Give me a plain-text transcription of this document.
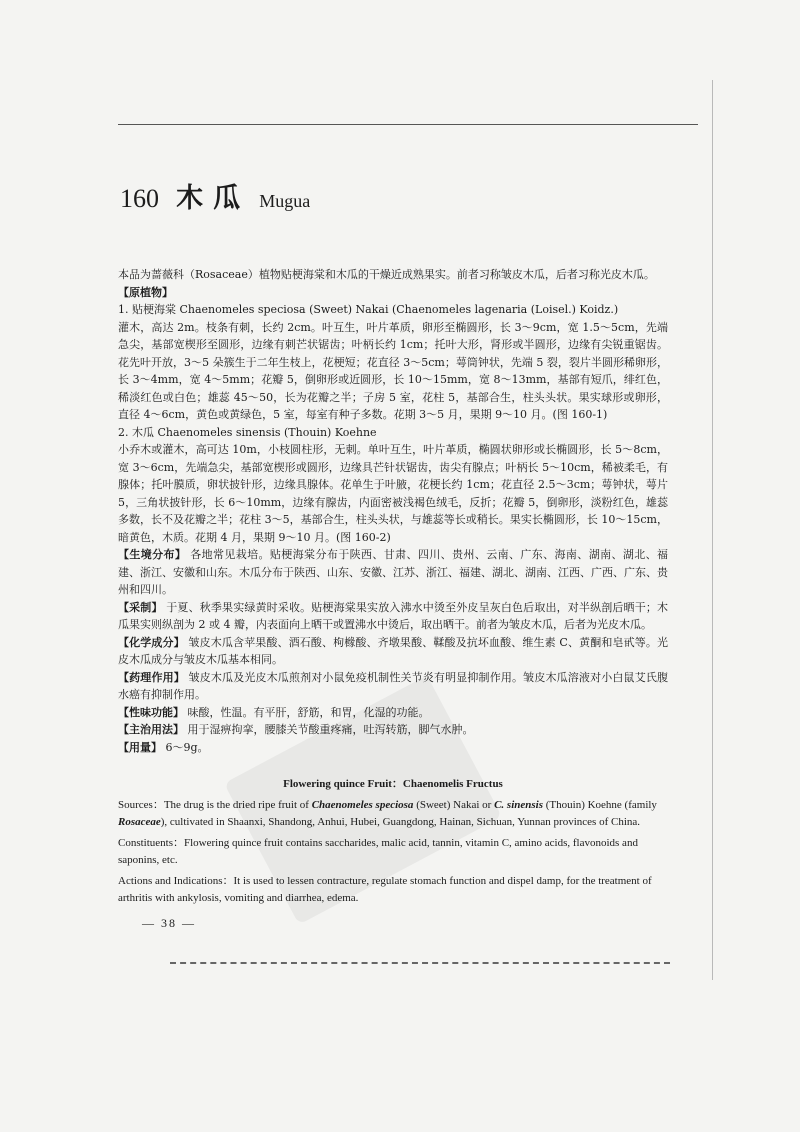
160 木瓜 Mugua

本品为蔷薇科（Rosaceae）植物贴梗海棠和木瓜的干燥近成熟果实。前者习称皱皮木瓜，后者习称光皮木瓜。

【原植物】

1. 贴梗海棠 Chaenomeles speciosa (Sweet) Nakai (Chaenomeles lagenaria (Loisel.) Koidz.)

灌木，高达 2m。枝条有刺，长约 2cm。叶互生，叶片革质，卵形至椭圆形，长 3～9cm，宽 1.5～5cm，先端急尖，基部宽楔形至圆形，边缘有刺芒状锯齿；叶柄长约 1cm；托叶大形，肾形或半圆形，边缘有尖锐重锯齿。花先叶开放，3～5 朵簇生于二年生枝上，花梗短；花直径 3～5cm；萼筒钟状，先端 5 裂，裂片半圆形稀卵形，长 3～4mm，宽 4～5mm；花瓣 5，倒卵形或近圆形，长 10～15mm，宽 8～13mm，基部有短爪，绯红色，稀淡红色或白色；雄蕊 45～50，长为花瓣之半；子房 5 室，花柱 5，基部合生，柱头头状。果实球形或卵形，直径 4～6cm，黄色或黄绿色，5 室，每室有种子多数。花期 3～5 月，果期 9～10 月。(图 160-1)

2. 木瓜 Chaenomeles sinensis (Thouin) Koehne

小乔木或灌木，高可达 10m，小枝圆柱形，无刺。单叶互生，叶片革质，椭圆状卵形或长椭圆形，长 5～8cm，宽 3～6cm，先端急尖，基部宽楔形或圆形，边缘具芒针状锯齿，齿尖有腺点；叶柄长 5～10cm，稀被柔毛，有腺体；托叶膜质，卵状披针形，边缘具腺体。花单生于叶腋，花梗长约 1cm；花直径 2.5～3cm；萼钟状，萼片 5，三角状披针形，长 6～10mm，边缘有腺齿，内面密被浅褐色绒毛，反折；花瓣 5，倒卵形，淡粉红色，雄蕊多数，长不及花瓣之半；花柱 3～5，基部合生，柱头头状，与雄蕊等长或稍长。果实长椭圆形，长 10～15cm，暗黄色，木质。花期 4 月，果期 9～10 月。(图 160-2)

【生境分布】 各地常见栽培。贴梗海棠分布于陕西、甘肃、四川、贵州、云南、广东、海南、湖南、湖北、福建、浙江、安徽和山东。木瓜分布于陕西、山东、安徽、江苏、浙江、福建、湖北、湖南、江西、广西、广东、贵州和四川。

【采制】 于夏、秋季果实绿黄时采收。贴梗海棠果实放入沸水中烫至外皮呈灰白色后取出，对半纵剖后晒干；木瓜果实则纵剖为 2 或 4 瓣，内表面向上晒干或置沸水中烫后，取出晒干。前者为皱皮木瓜，后者为光皮木瓜。

【化学成分】 皱皮木瓜含苹果酸、酒石酸、枸橼酸、齐墩果酸、鞣酸及抗坏血酸、维生素 C、黄酮和皂甙等。光皮木瓜成分与皱皮木瓜基本相同。

【药理作用】 皱皮木瓜及光皮木瓜煎剂对小鼠免疫机制性关节炎有明显抑制作用。皱皮木瓜溶液对小白鼠艾氏腹水癌有抑制作用。

【性味功能】 味酸，性温。有平肝，舒筋，和胃，化湿的功能。

【主治用法】 用于湿痹拘挛，腰膝关节酸重疼痛，吐泻转筋，脚气水肿。

【用量】 6～9g。

Flowering quince Fruit：Chaenomelis Fructus

Sources：The drug is the dried ripe fruit of Chaenomeles speciosa (Sweet) Nakai or C. sinensis (Thouin) Koehne (family Rosaceae), cultivated in Shaanxi, Shandong, Anhui, Hubei, Guangdong, Hainan, Sichuan, Yunnan provinces of China.

Constituents：Flowering quince fruit contains saccharides, malic acid, tannin, vitamin C, amino acids, flavonoids and saponins, etc.

Actions and Indications：It is used to lessen contracture, regulate stomach function and dispel damp, for the treatment of arthritis with ankylosis, vomiting and diarrhea, edema.

— 38 —
